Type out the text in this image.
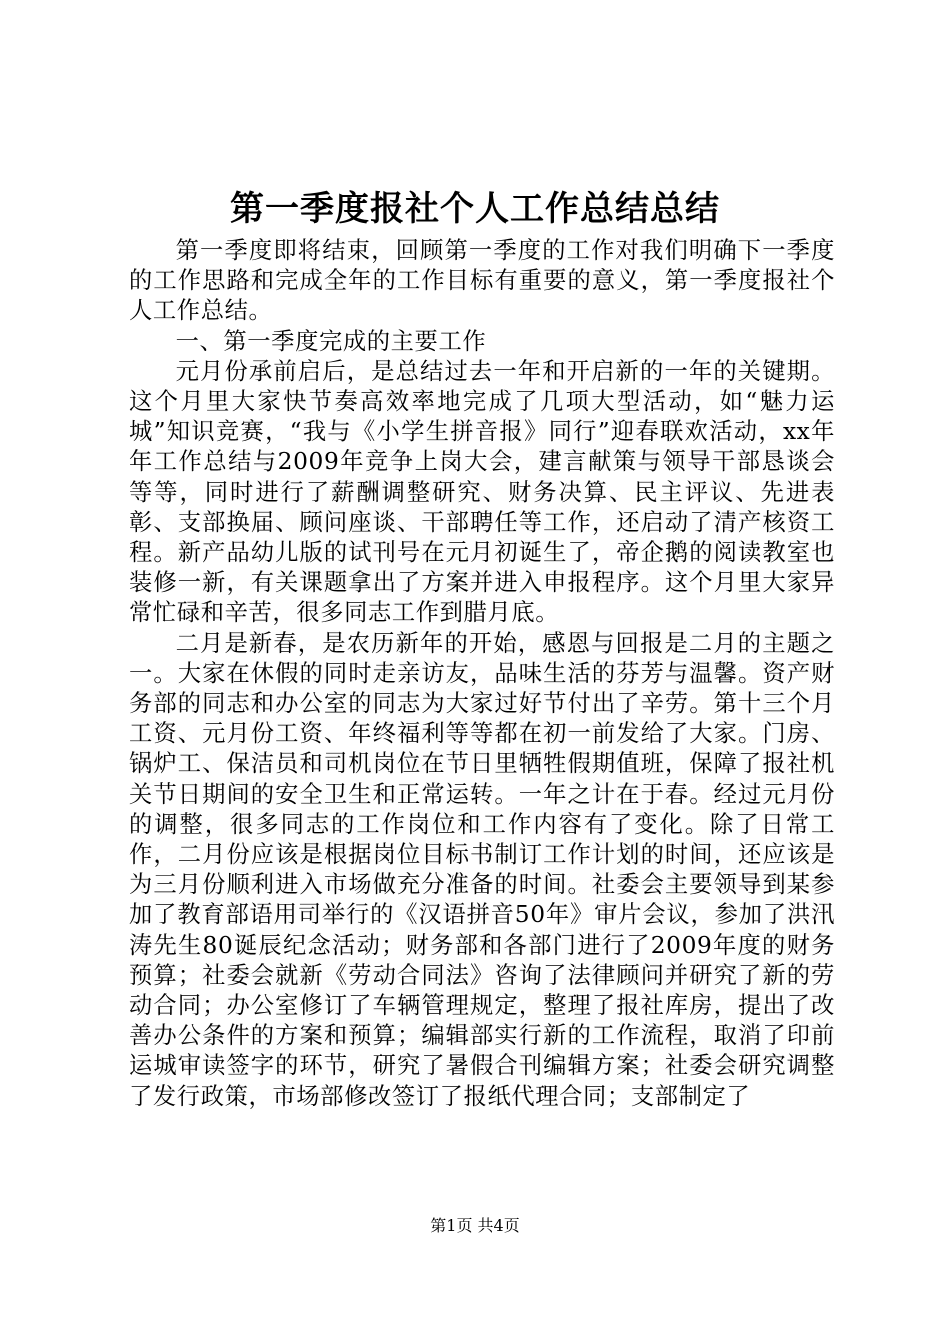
第一季度报社个人工作总结总结

第一季度即将结束，回顾第一季度的工作对我们明确下一季度的工作思路和完成全年的工作目标有重要的意义，第一季度报社个人工作总结。

一、第一季度完成的主要工作

元月份承前启后，是总结过去一年和开启新的一年的关键期。这个月里大家快节奏高效率地完成了几项大型活动，如“魅力运城”知识竞赛，“我与《小学生拼音报》同行”迎春联欢活动，xx年年工作总结与2009年竞争上岗大会，建言献策与领导干部恳谈会等等，同时进行了薪酬调整研究、财务决算、民主评议、先进表彰、支部换届、顾问座谈、干部聘任等工作，还启动了清产核资工程。新产品幼儿版的试刊号在元月初诞生了，帝企鹅的阅读教室也装修一新，有关课题拿出了方案并进入申报程序。这个月里大家异常忙碌和辛苦，很多同志工作到腊月底。

二月是新春，是农历新年的开始，感恩与回报是二月的主题之一。大家在休假的同时走亲访友，品味生活的芬芳与温馨。资产财务部的同志和办公室的同志为大家过好节付出了辛劳。第十三个月工资、元月份工资、年终福利等等都在初一前发给了大家。门房、锅炉工、保洁员和司机岗位在节日里牺牲假期值班，保障了报社机关节日期间的安全卫生和正常运转。一年之计在于春。经过元月份的调整，很多同志的工作岗位和工作内容有了变化。除了日常工作，二月份应该是根据岗位目标书制订工作计划的时间，还应该是为三月份顺利进入市场做充分准备的时间。社委会主要领导到某参加了教育部语用司举行的《汉语拼音50年》审片会议，参加了洪汛涛先生80诞辰纪念活动；财务部和各部门进行了2009年度的财务预算；社委会就新《劳动合同法》咨询了法律顾问并研究了新的劳动合同；办公室修订了车辆管理规定，整理了报社库房，提出了改善办公条件的方案和预算；编辑部实行新的工作流程，取消了印前运城审读签字的环节，研究了暑假合刊编辑方案；社委会研究调整了发行政策，市场部修改签订了报纸代理合同；支部制定了

第1页 共4页
